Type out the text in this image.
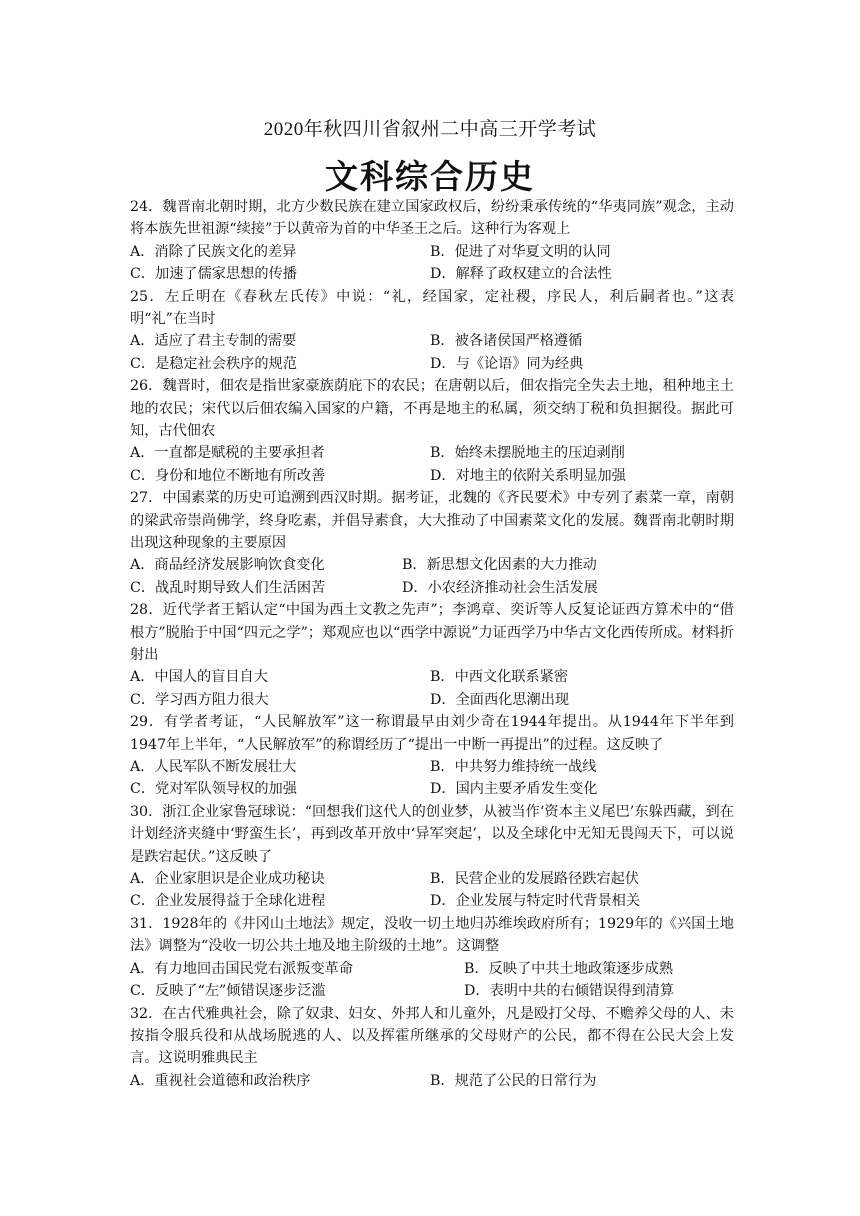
2020年秋四川省叙州二中高三开学考试
文科综合历史

24．魏晋南北朝时期，北方少数民族在建立国家政权后，纷纷秉承传统的“华夷同族”观念，主动将本族先世祖源“续接”于以黄帝为首的中华圣王之后。这种行为客观上

A．消除了民族文化的差异	B．促进了对华夏文明的认同
C．加速了儒家思想的传播	D．解释了政权建立的合法性

25．左丘明在《春秋左氏传》中说：“礼，经国家，定社稷，序民人，利后嗣者也。”这表明“礼”在当时

A．适应了君主专制的需要	B．被各诸侯国严格遵循
C．是稳定社会秩序的规范	D．与《论语》同为经典

26．魏晋时，佃农是指世家豪族荫庇下的农民；在唐朝以后，佃农指完全失去土地，租种地主土地的农民；宋代以后佃农编入国家的户籍，不再是地主的私属，须交纳丁税和负担据役。据此可知，古代佃农

A．一直都是赋税的主要承担者	B．始终未摆脱地主的压迫剥削
C．身份和地位不断地有所改善	D．对地主的依附关系明显加强

27．中国素菜的历史可追溯到西汉时期。据考证，北魏的《齐民要术》中专列了素菜一章，南朝的梁武帝崇尚佛学，终身吃素，并倡导素食，大大推动了中国素菜文化的发展。魏晋南北朝时期出现这种现象的主要原因

A．商品经济发展影响饮食变化	B．新思想文化因素的大力推动
C．战乱时期导致人们生活困苦	D．小农经济推动社会生活发展

28．近代学者王韬认定“中国为西土文教之先声”；李鸿章、奕䜣等人反复论证西方算术中的“借根方”脱胎于中国“四元之学”；郑观应也以“西学中源说”力证西学乃中华古文化西传所成。材料折射出

A．中国人的盲目自大	B．中西文化联系紧密
C．学习西方阻力很大	D．全面西化思潮出现

29．有学者考证，“人民解放军”这一称谓最早由刘少奇在1944年提出。从1944年下半年到1947年上半年，“人民解放军”的称谓经历了“提出一中断一再提出”的过程。这反映了

A．人民军队不断发展壮大	B．中共努力维持统一战线
C．党对军队领导权的加强	D．国内主要矛盾发生变化

30．浙江企业家鲁冠球说：“回想我们这代人的创业梦，从被当作‘资本主义尾巴’东躲西藏，到在计划经济夹缝中‘野蛮生长’，再到改革开放中‘异军突起’，以及全球化中无知无畏闯天下，可以说是跌宕起伏。”这反映了

A．企业家胆识是企业成功秘诀	B．民营企业的发展路径跌宕起伏
C．企业发展得益于全球化进程	D．企业发展与特定时代背景相关

31．1928年的《井冈山土地法》规定，没收一切土地归苏维埃政府所有；1929年的《兴国土地法》调整为“没收一切公共土地及地主阶级的土地”。这调整

A．有力地回击国民党右派叛变革命	B．反映了中共土地政策逐步成熟
C．反映了“左”倾错误逐步泛滥	D．表明中共的右倾错误得到清算

32．在古代雅典社会，除了奴隶、妇女、外邦人和儿童外，凡是殴打父母、不赡养父母的人、未按指令服兵役和从战场脱逃的人、以及挥霍所继承的父母财产的公民，都不得在公民大会上发言。这说明雅典民主

A．重视社会道德和政治秩序	B．规范了公民的日常行为
